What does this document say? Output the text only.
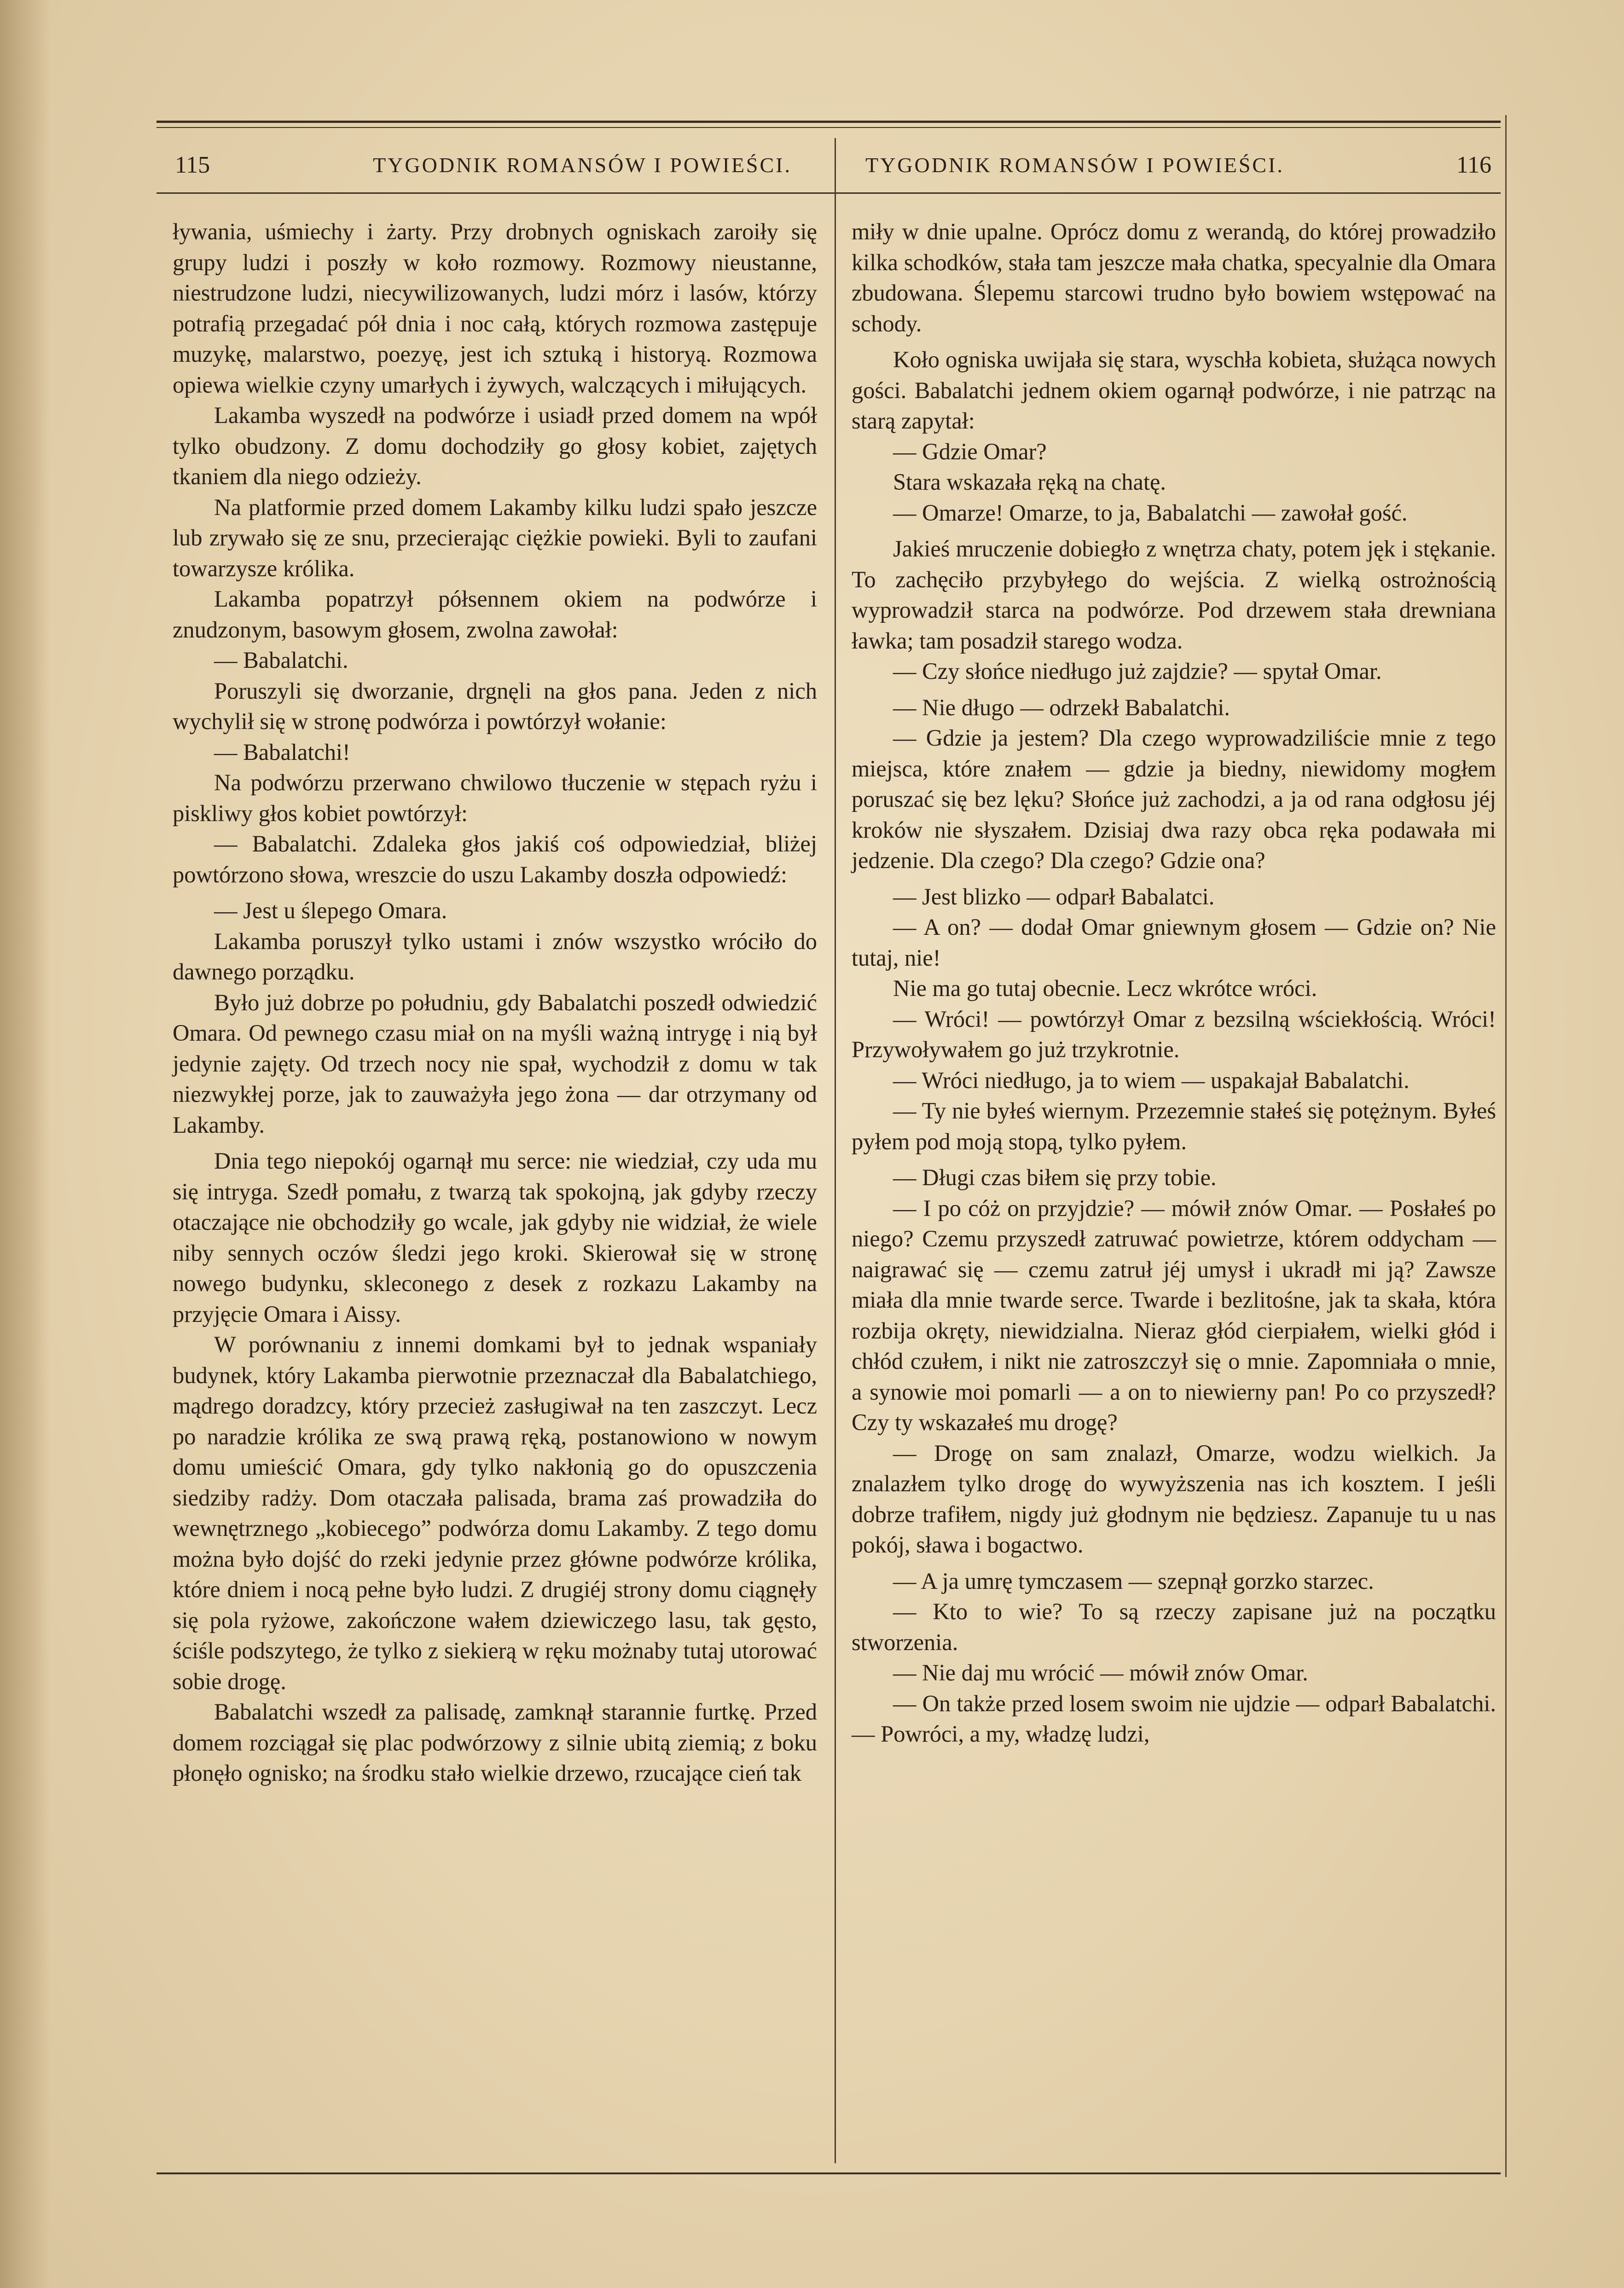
115	TYGODNIK ROMANSÓW I POWIEŚCI.	TYGODNIK ROMANSÓW I POWIEŚCI.	116

ływania, uśmiechy i żarty. Przy drobnych ogniskach zaroiły się grupy ludzi i poszły w koło rozmowy. Rozmowy nieustanne, niestrudzone ludzi, niecywilizowanych, ludzi mórz i lasów, którzy potrafią przegadać pół dnia i noc całą, których rozmowa zastępuje muzykę, malarstwo, poezyę, jest ich sztuką i historyą. Rozmowa opiewa wielkie czyny umarłych i żywych, walczących i miłujących.

Lakamba wyszedł na podwórze i usiadł przed domem na wpół tylko obudzony. Z domu dochodziły go głosy kobiet, zajętych tkaniem dla niego odzieży.

Na platformie przed domem Lakamby kilku ludzi spało jeszcze lub zrywało się ze snu, przecierając ciężkie powieki. Byli to zaufani towarzysze królika.

Lakamba popatrzył półsennem okiem na podwórze i znudzonym, basowym głosem, zwolna zawołał:

— Babalatchi.

Poruszyli się dworzanie, drgnęli na głos pana. Jeden z nich wychylił się w stronę podwórza i powtórzył wołanie:

— Babalatchi!

Na podwórzu przerwano chwilowo tłuczenie w stępach ryżu i piskliwy głos kobiet powtórzył:

— Babalatchi. Zdaleka głos jakiś coś odpowiedział, bliżej powtórzono słowa, wreszcie do uszu Lakamby doszła odpowiedź:

— Jest u ślepego Omara.

Lakamba poruszył tylko ustami i znów wszystko wróciło do dawnego porządku.

Było już dobrze po południu, gdy Babalatchi poszedł odwiedzić Omara. Od pewnego czasu miał on na myśli ważną intrygę i nią był jedynie zajęty. Od trzech nocy nie spał, wychodził z domu w tak niezwykłej porze, jak to zauważyła jego żona — dar otrzymany od Lakamby.

Dnia tego niepokój ogarnął mu serce: nie wiedział, czy uda mu się intryga. Szedł pomału, z twarzą tak spokojną, jak gdyby rzeczy otaczające nie obchodziły go wcale, jak gdyby nie widział, że wiele niby sennych oczów śledzi jego kroki. Skierował się w stronę nowego budynku, skleconego z desek z rozkazu Lakamby na przyjęcie Omara i Aissy.

W porównaniu z innemi domkami był to jednak wspaniały budynek, który Lakamba pierwotnie przeznaczał dla Babalatchiego, mądrego doradzcy, który przecież zasługiwał na ten zaszczyt. Lecz po naradzie królika ze swą prawą ręką, postanowiono w nowym domu umieścić Omara, gdy tylko nakłonią go do opuszczenia siedziby radży. Dom otaczała palisada, brama zaś prowadziła do wewnętrznego „kobiecego” podwórza domu Lakamby. Z tego domu można było dojść do rzeki jedynie przez główne podwórze królika, które dniem i nocą pełne było ludzi. Z drugiéj strony domu ciągnęły się pola ryżowe, zakończone wałem dziewiczego lasu, tak gęsto, ściśle podszytego, że tylko z siekierą w ręku możnaby tutaj utorować sobie drogę.

Babalatchi wszedł za palisadę, zamknął starannie furtkę. Przed domem rozciągał się plac podwórzowy z silnie ubitą ziemią; z boku płonęło ognisko; na środku stało wielkie drzewo, rzucające cień tak

miły w dnie upalne. Oprócz domu z werandą, do której prowadziło kilka schodków, stała tam jeszcze mała chatka, specyalnie dla Omara zbudowana. Ślepemu starcowi trudno było bowiem wstępować na schody.

Koło ogniska uwijała się stara, wyschła kobieta, służąca nowych gości. Babalatchi jednem okiem ogarnął podwórze, i nie patrząc na starą zapytał:

— Gdzie Omar?

Stara wskazała ręką na chatę.

— Omarze! Omarze, to ja, Babalatchi — zawołał gość.

Jakieś mruczenie dobiegło z wnętrza chaty, potem jęk i stękanie. To zachęciło przybyłego do wejścia. Z wielką ostrożnością wyprowadził starca na podwórze. Pod drzewem stała drewniana ławka; tam posadził starego wodza.

— Czy słońce niedługo już zajdzie? — spytał Omar.

— Nie długo — odrzekł Babalatchi.

— Gdzie ja jestem? Dla czego wyprowadziliście mnie z tego miejsca, które znałem — gdzie ja biedny, niewidomy mogłem poruszać się bez lęku? Słońce już zachodzi, a ja od rana odgłosu jéj kroków nie słyszałem. Dzisiaj dwa razy obca ręka podawała mi jedzenie. Dla czego? Dla czego? Gdzie ona?

— Jest blizko — odparł Babalatci.

— A on? — dodał Omar gniewnym głosem — Gdzie on? Nie tutaj, nie!

Nie ma go tutaj obecnie. Lecz wkrótce wróci.

— Wróci! — powtórzył Omar z bezsilną wściekłością. Wróci! Przywoływałem go już trzykrotnie.

— Wróci niedługo, ja to wiem — uspakajał Babalatchi.

— Ty nie byłeś wiernym. Przezemnie stałeś się potężnym. Byłeś pyłem pod moją stopą, tylko pyłem.

— Długi czas biłem się przy tobie.

— I po cóż on przyjdzie? — mówił znów Omar. — Posłałeś po niego? Czemu przyszedł zatruwać powietrze, którem oddycham — naigrawać się — czemu zatruł jéj umysł i ukradł mi ją? Zawsze miała dla mnie twarde serce. Twarde i bezlitośne, jak ta skała, która rozbija okręty, niewidzialna. Nieraz głód cierpiałem, wielki głód i chłód czułem, i nikt nie zatroszczył się o mnie. Zapomniała o mnie, a synowie moi pomarli — a on to niewierny pan! Po co przyszedł? Czy ty wskazałeś mu drogę?

— Drogę on sam znalazł, Omarze, wodzu wielkich. Ja znalazłem tylko drogę do wywyższenia nas ich kosztem. I jeśli dobrze trafiłem, nigdy już głodnym nie będziesz. Zapanuje tu u nas pokój, sława i bogactwo.

— A ja umrę tymczasem — szepnął gorzko starzec.

— Kto to wie? To są rzeczy zapisane już na początku stworzenia.

— Nie daj mu wrócić — mówił znów Omar.

— On także przed losem swoim nie ujdzie — odparł Babalatchi. — Powróci, a my, władzę ludzi,
